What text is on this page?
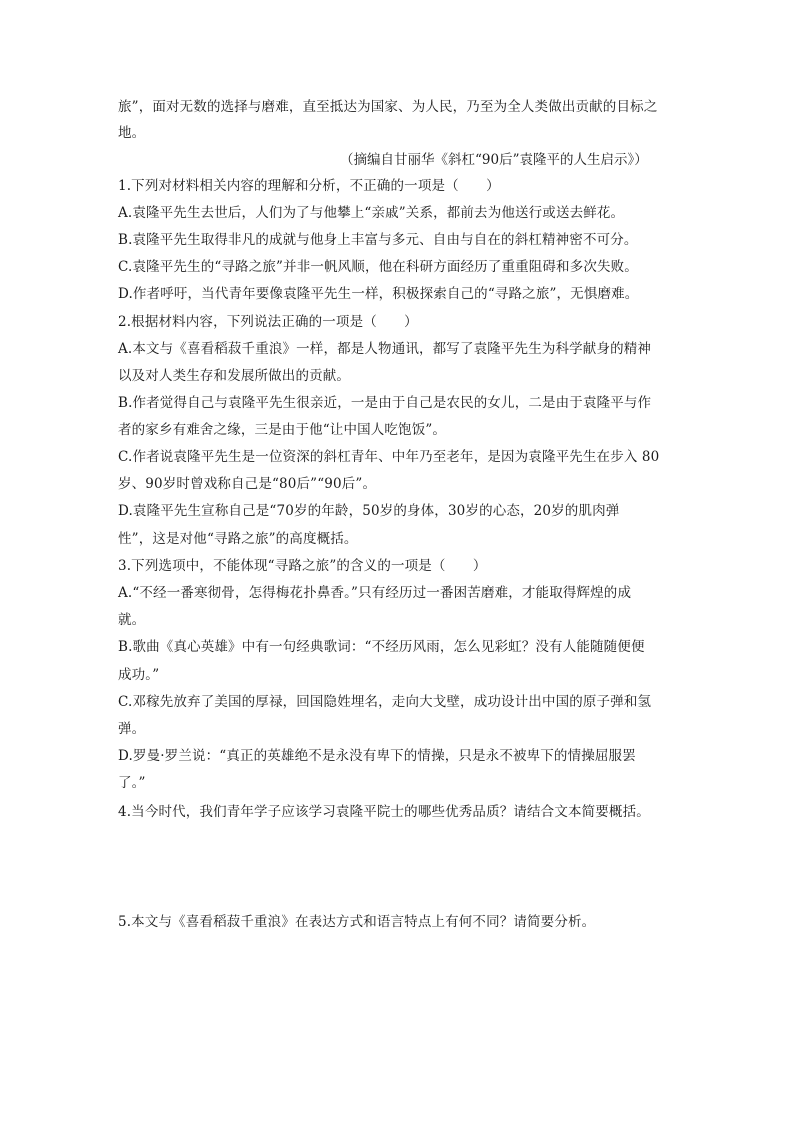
旅”，面对无数的选择与磨难，直至抵达为国家、为人民，乃至为全人类做出贡献的目标之
地。
（摘编自甘丽华《斜杠“90后”袁隆平的人生启示》）
1.下列对材料相关内容的理解和分析，不正确的一项是（　　）
A.袁隆平先生去世后，人们为了与他攀上“亲戚”关系，都前去为他送行或送去鲜花。
B.袁隆平先生取得非凡的成就与他身上丰富与多元、自由与自在的斜杠精神密不可分。
C.袁隆平先生的“寻路之旅”并非一帆风顺，他在科研方面经历了重重阻碍和多次失败。
D.作者呼吁，当代青年要像袁隆平先生一样，积极探索自己的“寻路之旅”，无惧磨难。
2.根据材料内容，下列说法正确的一项是（　　）
A.本文与《喜看稻菽千重浪》一样，都是人物通讯，都写了袁隆平先生为科学献身的精神
以及对人类生存和发展所做出的贡献。
B.作者觉得自己与袁隆平先生很亲近，一是由于自己是农民的女儿，二是由于袁隆平与作
者的家乡有难舍之缘，三是由于他“让中国人吃饱饭”。
C.作者说袁隆平先生是一位资深的斜杠青年、中年乃至老年，是因为袁隆平先生在步入 80
岁、90岁时曾戏称自己是“80后”“90后”。
D.袁隆平先生宣称自己是“70岁的年龄，50岁的身体，30岁的心态，20岁的肌肉弹
性”，这是对他“寻路之旅”的高度概括。
3.下列选项中，不能体现“寻路之旅”的含义的一项是（　　）
A.“不经一番寒彻骨，怎得梅花扑鼻香。”只有经历过一番困苦磨难，才能取得辉煌的成
就。
B.歌曲《真心英雄》中有一句经典歌词：“不经历风雨，怎么见彩虹？没有人能随随便便
成功。”
C.邓稼先放弃了美国的厚禄，回国隐姓埋名，走向大戈壁，成功设计出中国的原子弹和氢
弹。
D.罗曼·罗兰说：“真正的英雄绝不是永没有卑下的情操，只是永不被卑下的情操屈服罢
了。”
4.当今时代，我们青年学子应该学习袁隆平院士的哪些优秀品质？请结合文本简要概括。
5.本文与《喜看稻菽千重浪》在表达方式和语言特点上有何不同？请简要分析。
